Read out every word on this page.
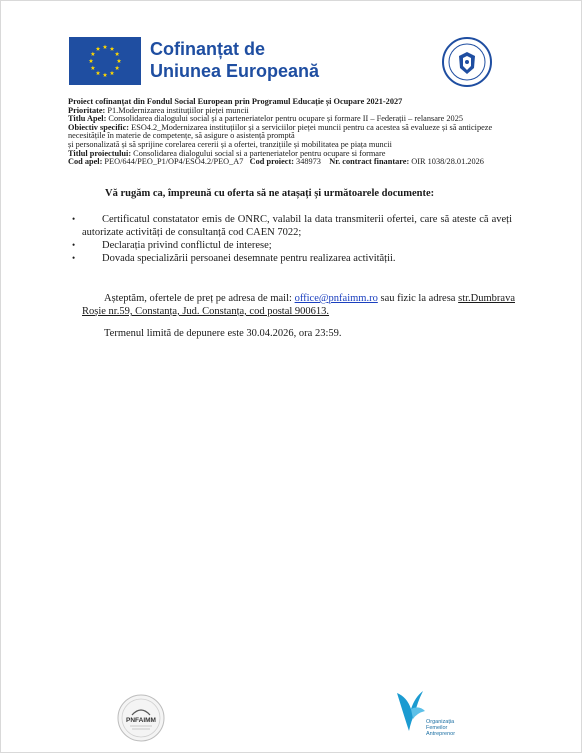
Cofinanțat de
Uniunea Europeană

Proiect cofinanțat din Fondul Social European prin Programul Educație și Ocupare 2021-2027

Prioritate: P1.Modernizarea instituțiilor pieței muncii

Titlu Apel: Consolidarea dialogului social și a parteneriatelor pentru ocupare și formare II – Federații – relansare 2025

Obiectiv specific: ESO4.2_Modernizarea instituțiilor și a serviciilor pieței muncii pentru ca acestea să evalueze și să anticipeze necesitățile în materie de competențe, să asigure o asistență promptă

și personalizată și să sprijine corelarea cererii și a ofertei, tranzițiile și mobilitatea pe piața muncii

Titlul proiectului: Consolidarea dialogului social si a parteneriatelor pentru ocupare si formare

Cod apel: PEO/644/PEO_P1/OP4/ESO4.2/PEO_A7 Cod proiect: 348973 Nr. contract finantare: OIR 1038/28.01.2026

Vă rugăm ca, împreună cu oferta să ne atașați și următoarele documente:
•	Certificatul constatator emis de ONRC, valabil la data transmiterii ofertei, care să ateste că aveți autorizate activități de consultanță cod CAEN 7022;
•	Declarația privind conflictul de interese;
•	Dovada specializării persoanei desemnate pentru realizarea activității.
Așteptăm, ofertele de preț pe adresa de mail: office@pnfaimm.ro sau fizic la adresa str.Dumbrava Roșie nr.59, Constanța, Jud. Constanța, cod postal 900613.
Termenul limită de depunere este 30.04.2026, ora 23:59.
PNFAIMM	Organizația
Femeilor
Antreprenor
